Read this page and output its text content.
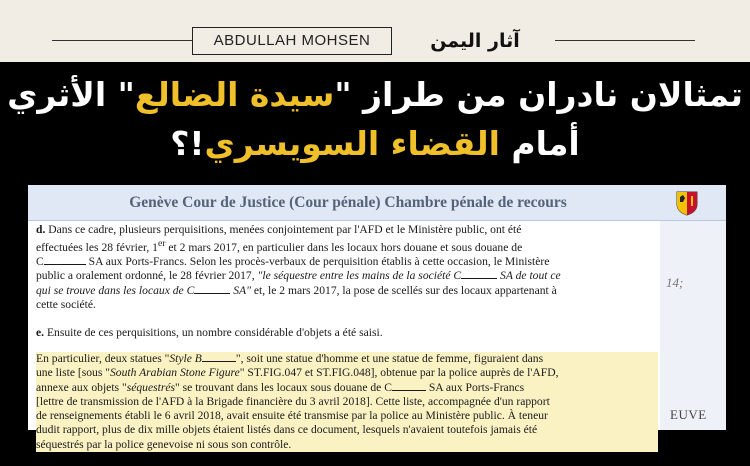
ABDULLAH MOHSEN	آثار اليمن
تمثالان نادران من طراز "سيدة الضالع" الأثري
أمام القضاء السويسري!؟
Genève Cour de Justice (Cour pénale) Chambre pénale de recours
14;
EUVE

d. Dans ce cadre, plusieurs perquisitions, menées conjointement par l'AFD et le Ministère public, ont été
effectuées les 28 février, 1er et 2 mars 2017, en particulier dans les locaux hors douane et sous douane de
C	SA aux Ports-Francs. Selon les procès-verbaux de perquisition établis à cette occasion, le Ministère
public a oralement ordonné, le 28 février 2017, "le séquestre entre les mains de la société C	SA de tout ce
qui se trouve dans les locaux de C	SA" et, le 2 mars 2017, la pose de scellés sur des locaux appartenant à
cette société.

e. Ensuite de ces perquisitions, un nombre considérable d'objets a été saisi.

En particulier, deux statues "Style B	", soit une statue d'homme et une statue de femme, figuraient dans
une liste [sous "South Arabian Stone Figure" ST.FIG.047 et ST.FIG.048], obtenue par la police auprès de l'AFD,
annexe aux objets "séquestrés" se trouvant dans les locaux sous douane de C	SA aux Ports-Francs
[lettre de transmission de l'AFD à la Brigade financière du 3 avril 2018]. Cette liste, accompagnée d'un rapport
de renseignements établi le 6 avril 2018, avait ensuite été transmise par la police au Ministère public. À teneur
dudit rapport, plus de dix mille objets étaient listés dans ce document, lesquels n'avaient toutefois jamais été
séquestrés par la police genevoise ni sous son contrôle.
